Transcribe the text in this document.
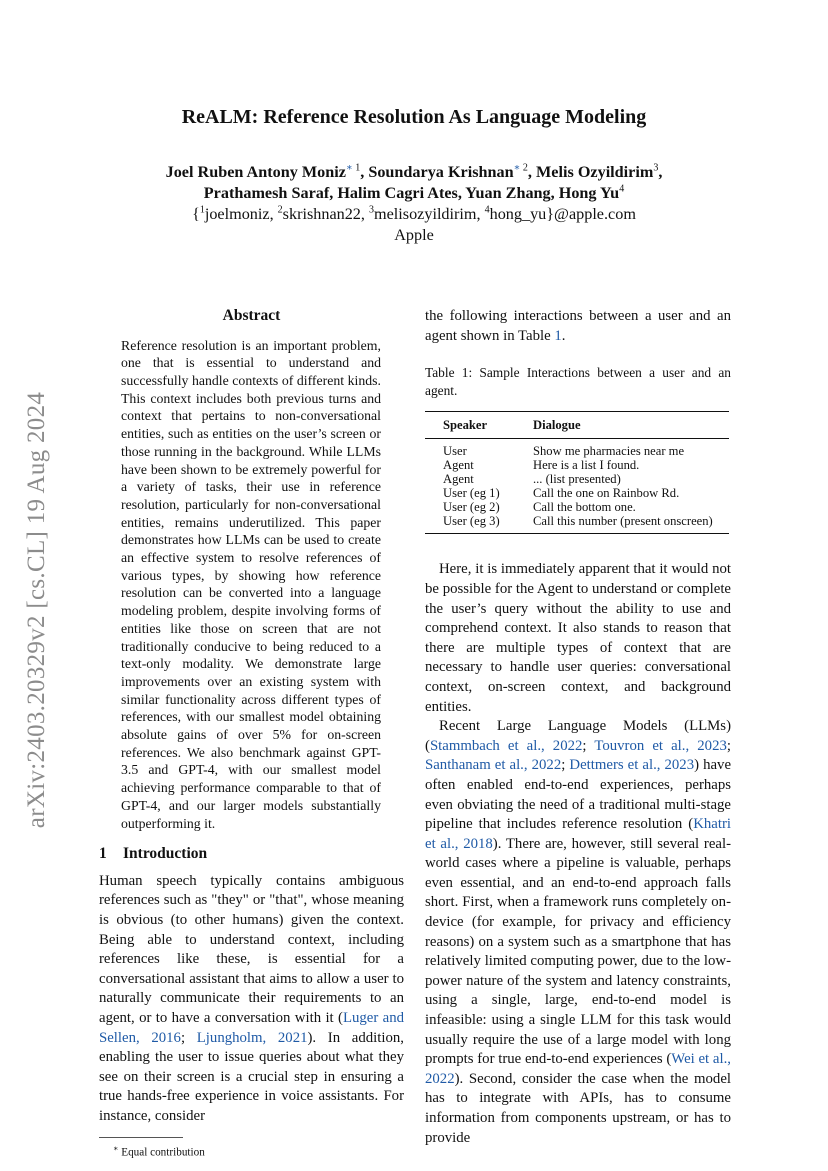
arXiv:2403.20329v2 [cs.CL] 19 Aug 2024
ReALM: Reference Resolution As Language Modeling
Joel Ruben Antony Moniz∗ $^1$, Soundarya Krishnan∗ $^2$, Melis Ozyildirim$^3$,
Prathamesh Saraf, Halim Cagri Ates, Yuan Zhang, Hong Yu$^4$
{$^1$joelmoniz, $^2$skrishnan22, $^3$melisozyildirim, $^4$hong_yu}@apple.com
Apple

Abstract

Reference resolution is an important problem, one that is essential to understand and successfully handle contexts of different kinds. This context includes both previous turns and context that pertains to non-conversational entities, such as entities on the user’s screen or those running in the background. While LLMs have been shown to be extremely powerful for a variety of tasks, their use in reference resolution, particularly for non-conversational entities, remains underutilized. This paper demonstrates how LLMs can be used to create an effective system to resolve references of various types, by showing how reference resolution can be converted into a language modeling problem, despite involving forms of entities like those on screen that are not traditionally conducive to being reduced to a text-only modality. We demonstrate large improvements over an existing system with similar functionality across different types of references, with our smallest model obtaining absolute gains of over 5% for on-screen references. We also benchmark against GPT-3.5 and GPT-4, with our smallest model achieving performance comparable to that of GPT-4, and our larger models substantially outperforming it.

1 Introduction

Human speech typically contains ambiguous references such as "they" or "that", whose meaning is obvious (to other humans) given the context. Being able to understand context, including references like these, is essential for a conversational assistant that aims to allow a user to naturally communicate their requirements to an agent, or to have a conversation with it (Luger and Sellen, 2016; Ljungholm, 2021). In addition, enabling the user to issue queries about what they see on their screen is a crucial step in ensuring a true hands-free experience in voice assistants. For instance, consider

∗ Equal contribution

the following interactions between a user and an agent shown in Table 1.

Table 1: Sample Interactions between a user and an agent.

Speaker	Dialogue
User	Show me pharmacies near me
Agent	Here is a list I found.
Agent	... (list presented)
User (eg 1)	Call the one on Rainbow Rd.
User (eg 2)	Call the bottom one.
User (eg 3)	Call this number (present onscreen)

Here, it is immediately apparent that it would not be possible for the Agent to understand or complete the user’s query without the ability to use and comprehend context. It also stands to reason that there are multiple types of context that are necessary to handle user queries: conversational context, on-screen context, and background entities.

Recent Large Language Models (LLMs) (Stammbach et al., 2022; Touvron et al., 2023; Santhanam et al., 2022; Dettmers et al., 2023) have often enabled end-to-end experiences, perhaps even obviating the need of a traditional multi-stage pipeline that includes reference resolution (Khatri et al., 2018). There are, however, still several real-world cases where a pipeline is valuable, perhaps even essential, and an end-to-end approach falls short. First, when a framework runs completely on-device (for example, for privacy and efficiency reasons) on a system such as a smartphone that has relatively limited computing power, due to the low-power nature of the system and latency constraints, using a single, large, end-to-end model is infeasible: using a single LLM for this task would usually require the use of a large model with long prompts for true end-to-end experiences (Wei et al., 2022). Second, consider the case when the model has to integrate with APIs, has to consume information from components upstream, or has to provide
